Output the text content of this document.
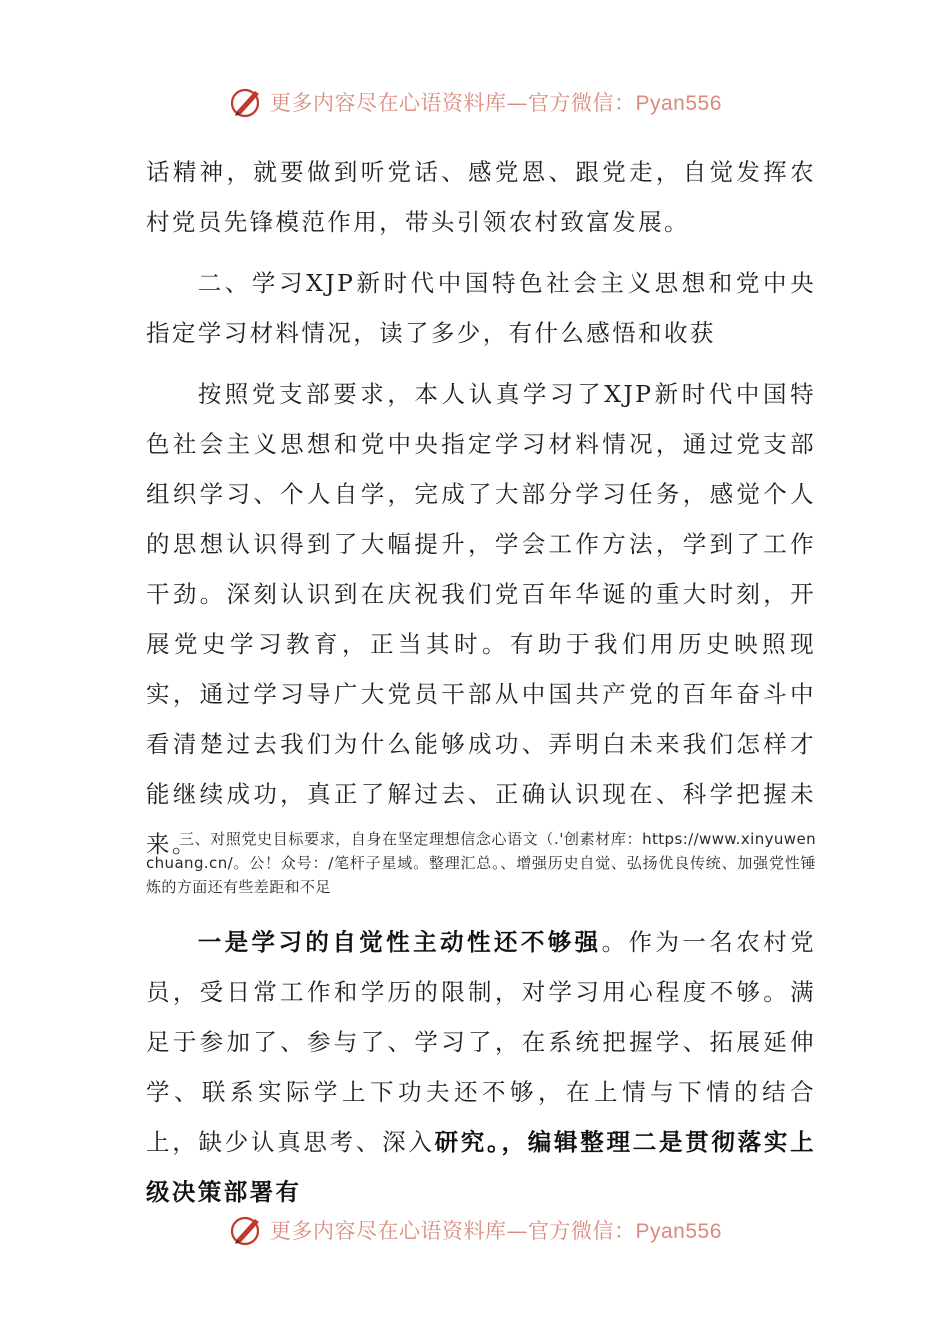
更多内容尽在心语资料库—官方微信：Pyan556

话精神，就要做到听党话、感党恩、跟党走，自觉发挥农村党员先锋模范作用，带头引领农村致富发展。

二、学习XJP新时代中国特色社会主义思想和党中央指定学习材料情况，读了多少，有什么感悟和收获

按照党支部要求，本人认真学习了XJP新时代中国特色社会主义思想和党中央指定学习材料情况，通过党支部组织学习、个人自学，完成了大部分学习任务，感觉个人的思想认识得到了大幅提升，学会工作方法，学到了工作干劲。深刻认识到在庆祝我们党百年华诞的重大时刻，开展党史学习教育，正当其时。有助于我们用历史映照现实，通过学习导广大党员干部从中国共产党的百年奋斗中看清楚过去我们为什么能够成功、弄明白未来我们怎样才能继续成功，真正了解过去、正确认识现在、科学把握未来。

三、对照党史目标要求，自身在坚定理想信念心语文（.'创素材库：https://www.xinyuwenchuang.cn/。公！众号：/笔杆子星域。整理汇总。、增强历史自觉、弘扬优良传统、加强党性锤炼的方面还有些差距和不足

一是学习的自觉性主动性还不够强。作为一名农村党员，受日常工作和学历的限制，对学习用心程度不够。满足于参加了、参与了、学习了，在系统把握学、拓展延伸学、联系实际学上下功夫还不够，在上情与下情的结合上，缺少认真思考、深入研究。，编辑整理二是贯彻落实上级决策部署有

更多内容尽在心语资料库—官方微信：Pyan556
